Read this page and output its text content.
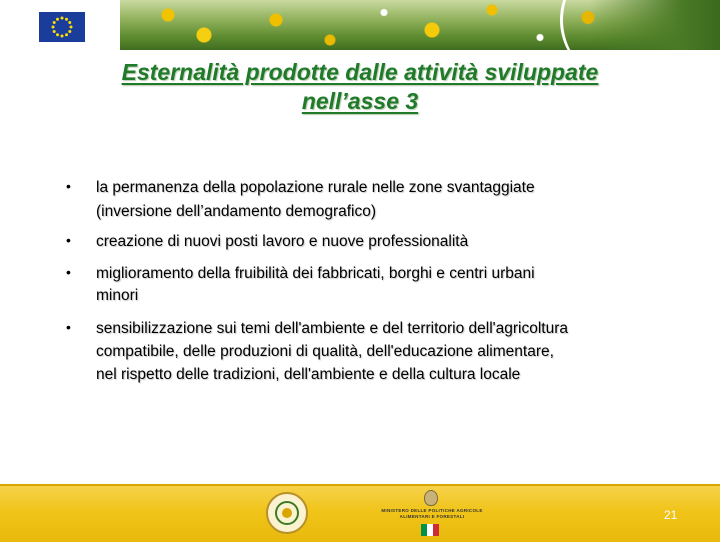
Esternalità prodotte dalle attività sviluppate
nell’asse 3
• la permanenza della popolazione rurale nelle zone svantaggiate
(inversione dell’andamento demografico)
• creazione di nuovi posti lavoro e nuove professionalità
• miglioramento della fruibilità dei fabbricati, borghi e centri urbani
minori
• sensibilizzazione sui temi dell'ambiente e del territorio dell'agricoltura
compatibile, delle produzioni di qualità, dell'educazione alimentare,
nel rispetto delle tradizioni, dell'ambiente e della cultura locale
MINISTERO DELLE POLITICHE AGRICOLE
ALIMENTARI E FORESTALI	21
